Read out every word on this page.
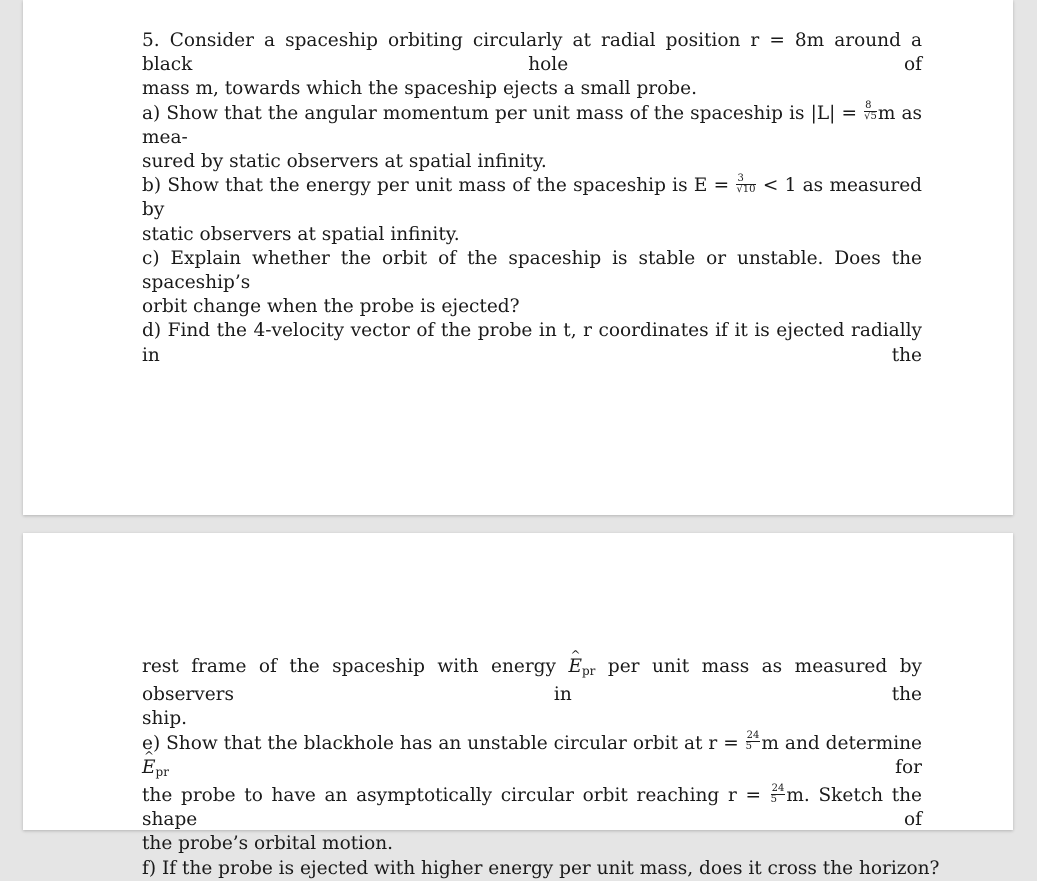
5. Consider a spaceship orbiting circularly at radial position r = 8m around a black hole of
mass m, towards which the spaceship ejects a small probe.
a) Show that the angular momentum per unit mass of the spaceship is $|L| = \frac{8}{√5}$ m as mea-
sured by static observers at spatial infinity.
b) Show that the energy per unit mass of the spaceship is $E = \frac{3}{√10} < 1$ as measured by
static observers at spatial infinity.
c) Explain whether the orbit of the spaceship is stable or unstable. Does the spaceship’s
orbit change when the probe is ejected?
d) Find the 4-velocity vector of the probe in t, r coordinates if it is ejected radially in the
rest frame of the spaceship with energy ^ $E_{pr}$ per unit mass as measured by observers in the
ship.
e) Show that the blackhole has an unstable circular orbit at $r = \frac{24}{5}$ m and determine ^ $E_{pr}$	for
the probe to have an asymptotically circular orbit reaching $r = \frac{24}{5} m$. Sketch the shape of
the probe’s orbital motion.
f) If the probe is ejected with higher energy per unit mass, does it cross the horizon?
